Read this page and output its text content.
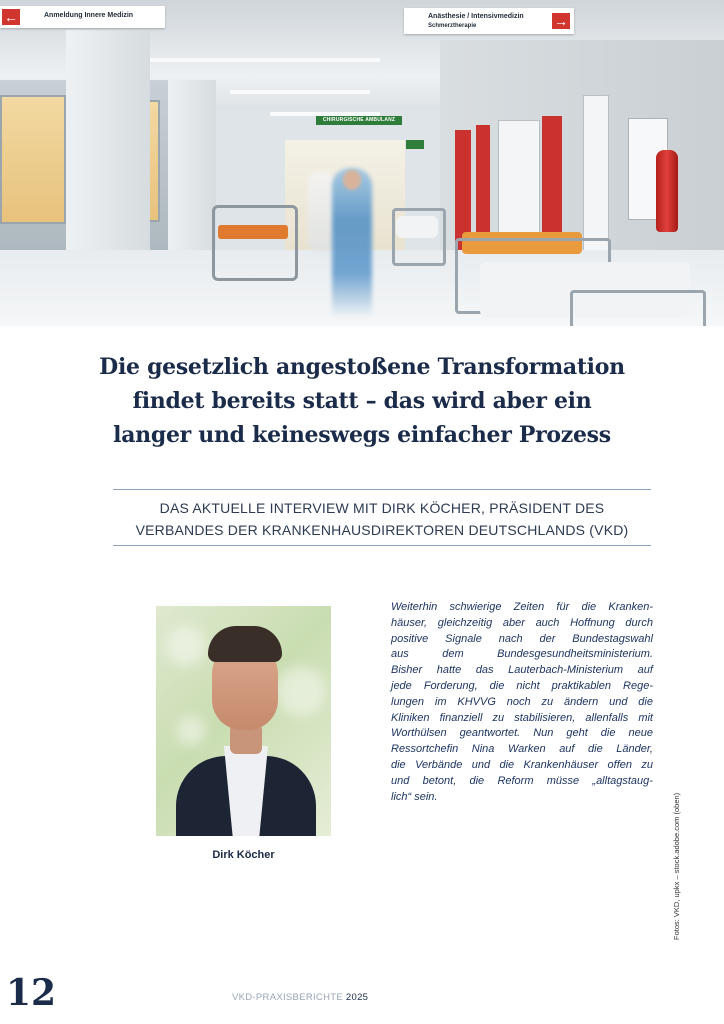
CHIRURGISCHE AMBULANZ
←	Anmeldung Innere Medizin	Anästhesie / Intensivmedizin
Schmerztherapie	→
Die gesetzlich angestoßene Transformation
findet bereits statt – das wird aber ein
langer und keineswegs einfacher Prozess
DAS AKTUELLE INTERVIEW MIT DIRK KÖCHER, PRÄSIDENT DES
VERBANDES DER KRANKENHAUSDIREKTOREN DEUTSCHLANDS (VKD)
Dirk Köcher
Weiterhin schwierige Zeiten für die Kranken-
häuser, gleichzeitig aber auch Hoffnung durch
positive Signale nach der Bundestagswahl
aus	dem	Bundesgesundheitsministerium.
Bisher hatte das Lauterbach-Ministerium auf
jede Forderung, die nicht praktikablen Rege-
lungen im KHVVG noch zu ändern und die
Kliniken finanziell zu stabilisieren, allenfalls mit
Worthülsen geantwortet. Nun geht die neue
Ressortchefin Nina Warken auf die Länder,
die Verbände und die Krankenhäuser offen zu
und betont, die Reform müsse „alltagstaug-
lich“ sein.	Fotos: VKD, upkx – stock.adobe.com (oben)
12	VKD-PRAXISBERICHTE 2025
